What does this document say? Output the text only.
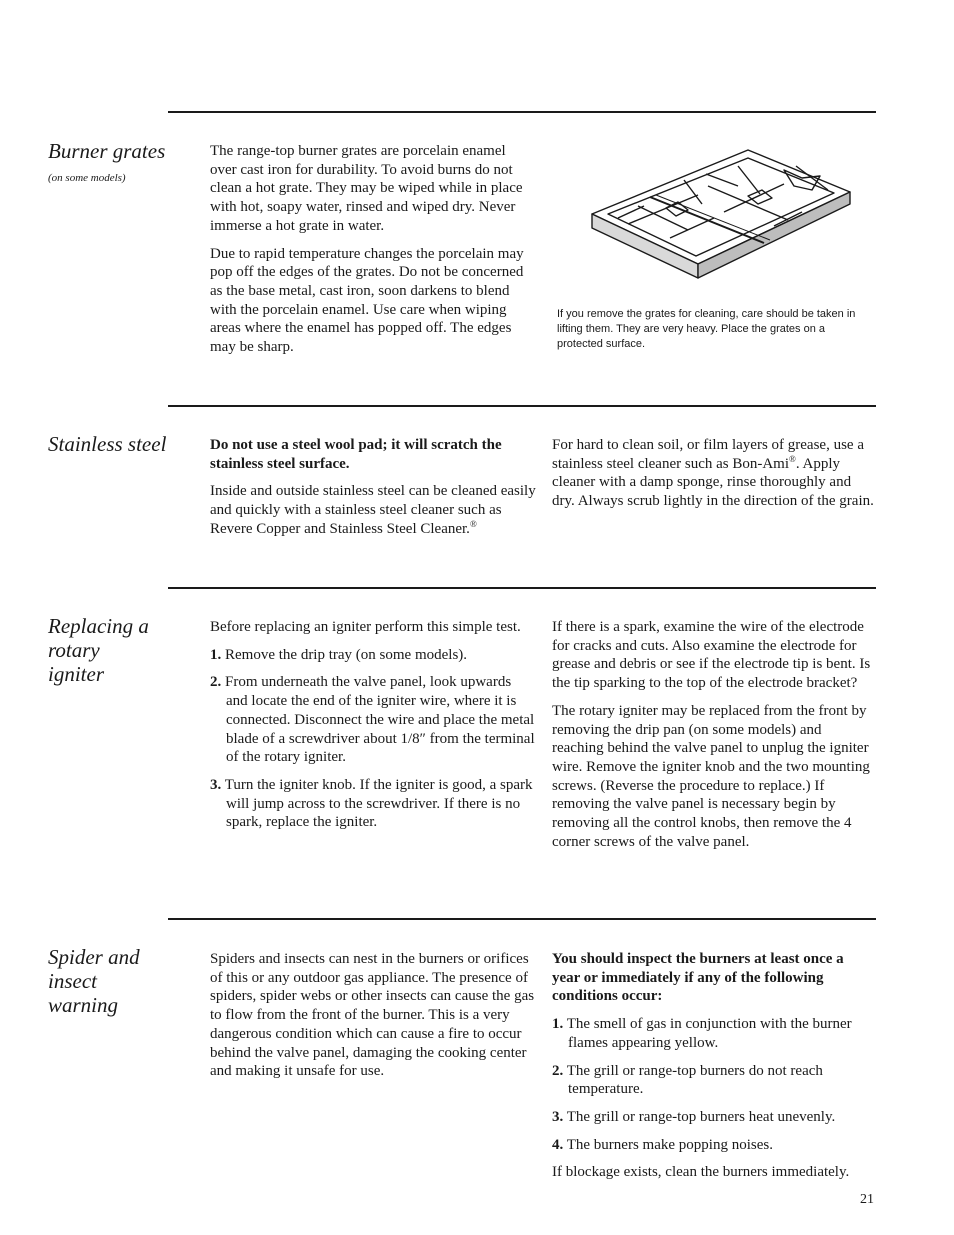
Burner grates
(on some models)

The range-top burner grates are porcelain enamel over cast iron for durability. To avoid burns do not clean a hot grate. They may be wiped while in place with hot, soapy water, rinsed and wiped dry. Never immerse a hot grate in water.

Due to rapid temperature changes the porcelain may pop off the edges of the grates. Do not be concerned as the base metal, cast iron, soon darkens to blend with the porcelain enamel. Use care when wiping areas where the enamel has popped off. The edges may be sharp.

If you remove the grates for cleaning, care should be taken in lifting them. They are very heavy. Place the grates on a protected surface.
Stainless steel	Do not use a steel wool pad; it will scratch the stainless steel surface.

Inside and outside stainless steel can be cleaned easily and quickly with a stainless steel cleaner such as Revere Copper and Stainless Steel Cleaner.®

For hard to clean soil, or film layers of grease, use a stainless steel cleaner such as Bon-Ami®. Apply cleaner with a damp sponge, rinse thoroughly and dry. Always scrub lightly in the direction of the grain.

Replacing a rotary igniter

Before replacing an igniter perform this simple test.

1. Remove the drip tray (on some models).
2. From underneath the valve panel, look upwards and locate the end of the igniter wire, where it is connected. Disconnect the wire and place the metal blade of a screwdriver about 1/8″ from the terminal of the rotary igniter.
3. Turn the igniter knob. If the igniter is good, a spark will jump across to the screwdriver. If there is no spark, replace the igniter.

If there is a spark, examine the wire of the electrode for cracks and cuts. Also examine the electrode for grease and debris or see if the electrode tip is bent. Is the tip sparking to the top of the electrode bracket?

The rotary igniter may be replaced from the front by removing the drip pan (on some models) and reaching behind the valve panel to unplug the igniter wire. Remove the igniter knob and the two mounting screws. (Reverse the procedure to replace.) If removing the valve panel is necessary begin by removing all the control knobs, then remove the 4 corner screws of the valve panel.

Spider and insect warning

Spiders and insects can nest in the burners or orifices of this or any outdoor gas appliance. The presence of spiders, spider webs or other insects can cause the gas to flow from the front of the burner. This is a very dangerous condition which can cause a fire to occur behind the valve panel, damaging the cooking center and making it unsafe for use.

You should inspect the burners at least once a year or immediately if any of the following conditions occur:

1. The smell of gas in conjunction with the burner flames appearing yellow.
2. The grill or range-top burners do not reach temperature.
3. The grill or range-top burners heat unevenly.
4. The burners make popping noises.

If blockage exists, clean the burners immediately.

21
